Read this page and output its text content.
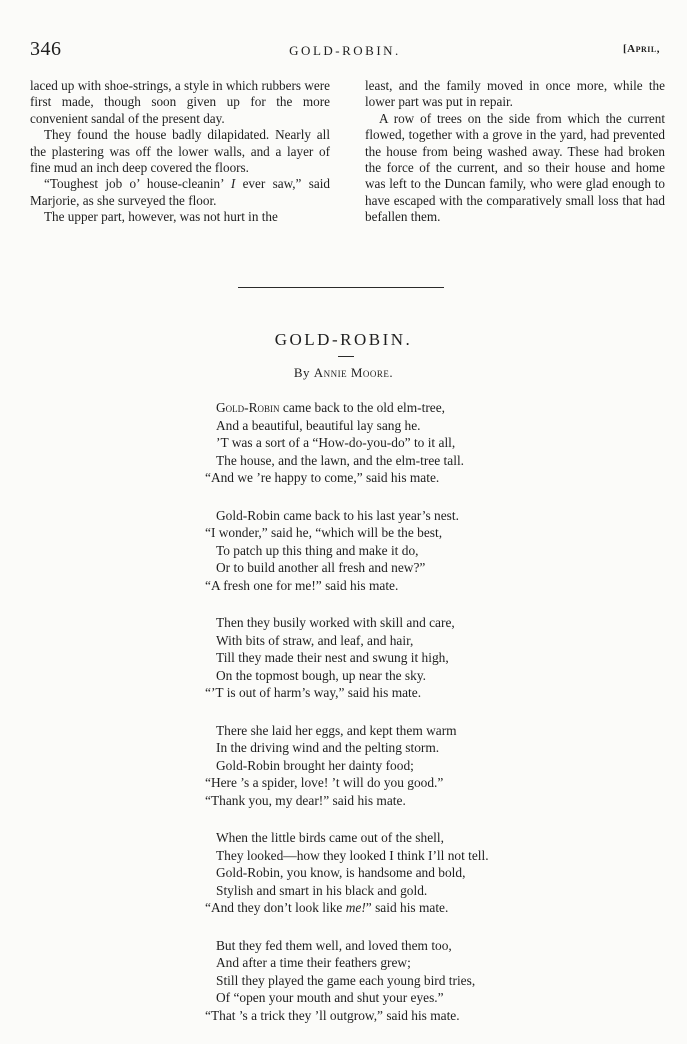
346	GOLD-ROBIN.	[April,

laced up with shoe-strings, a style in which rubbers were first made, though soon given up for the more convenient sandal of the present day.

They found the house badly dilapidated. Nearly all the plastering was off the lower walls, and a layer of fine mud an inch deep covered the floors.

“Toughest job o’ house-cleanin’ I ever saw,” said Marjorie, as she surveyed the floor.

The upper part, however, was not hurt in the

least, and the family moved in once more, while the lower part was put in repair.

A row of trees on the side from which the current flowed, together with a grove in the yard, had prevented the house from being washed away. These had broken the force of the current, and so their house and home was left to the Duncan family, who were glad enough to have escaped with the comparatively small loss that had befallen them.

GOLD-ROBIN.
By Annie Moore.
Gold-Robin came back to the old elm-tree,
And a beautiful, beautiful lay sang he.
’T was a sort of a “How-do-you-do” to it all,
The house, and the lawn, and the elm-tree tall.
“And we ’re happy to come,” said his mate.
Gold-Robin came back to his last year’s nest.
“I wonder,” said he, “which will be the best,
To patch up this thing and make it do,
Or to build another all fresh and new?”
“A fresh one for me!” said his mate.
Then they busily worked with skill and care,
With bits of straw, and leaf, and hair,
Till they made their nest and swung it high,
On the topmost bough, up near the sky.
“’T is out of harm’s way,” said his mate.
There she laid her eggs, and kept them warm
In the driving wind and the pelting storm.
Gold-Robin brought her dainty food;
“Here ’s a spider, love! ’t will do you good.”
“Thank you, my dear!” said his mate.
When the little birds came out of the shell,
They looked—how they looked I think I’ll not tell.
Gold-Robin, you know, is handsome and bold,
Stylish and smart in his black and gold.
“And they don’t look like me!” said his mate.
But they fed them well, and loved them too,
And after a time their feathers grew;
Still they played the game each young bird tries,
Of “open your mouth and shut your eyes.”
“That ’s a trick they ’ll outgrow,” said his mate.
